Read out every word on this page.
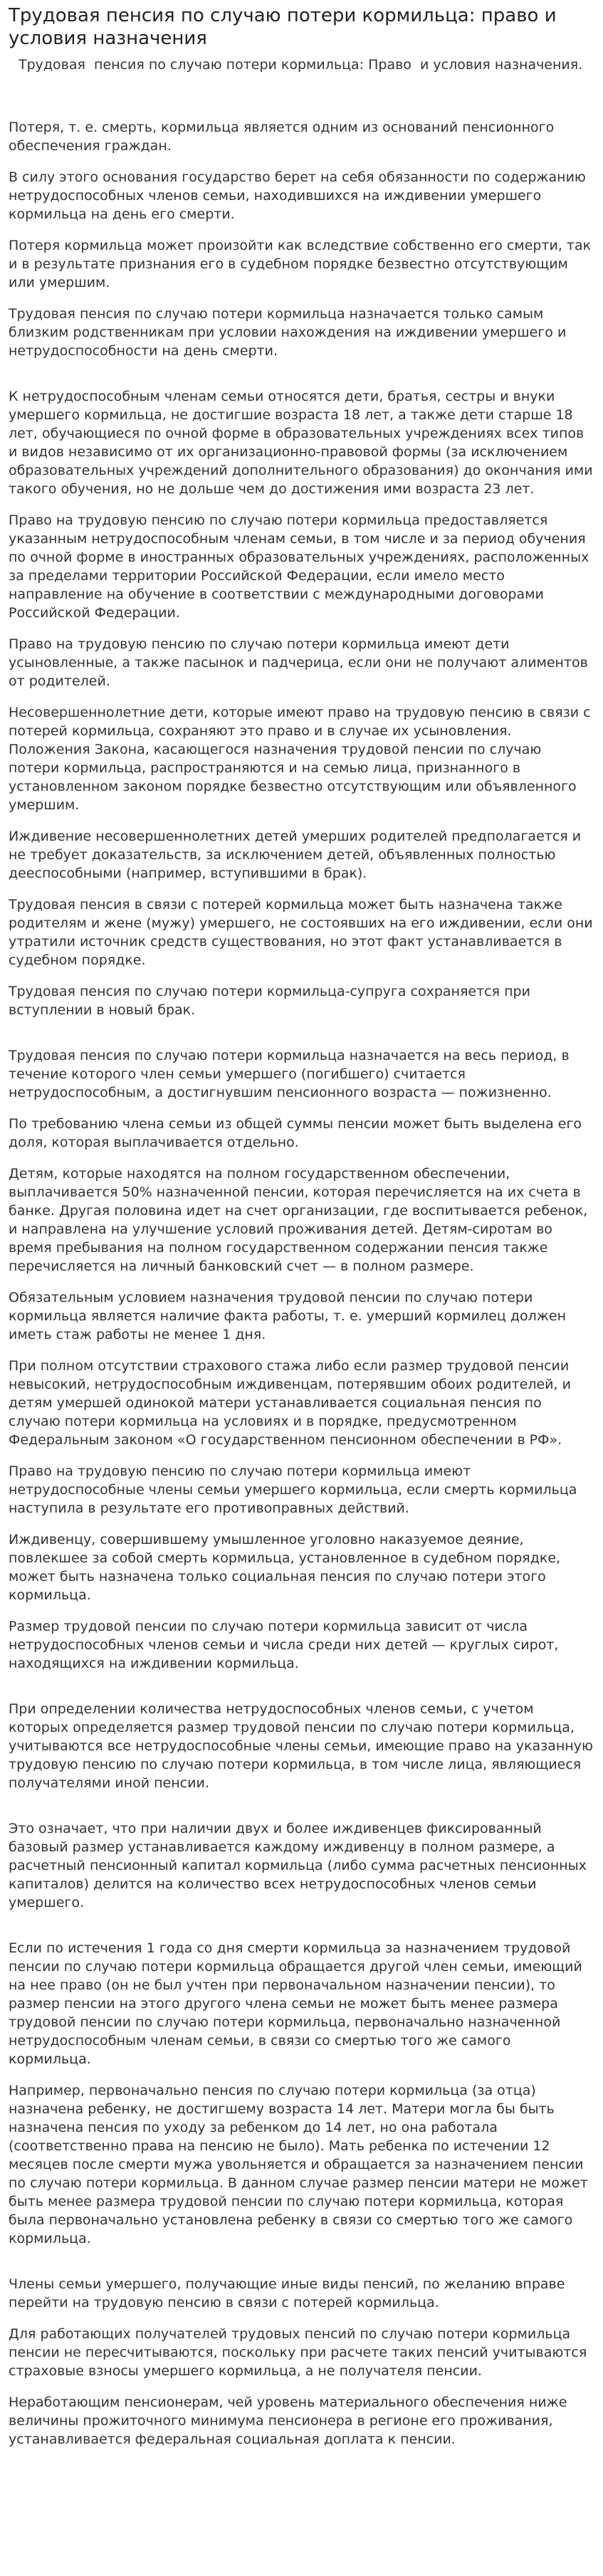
Трудовая пенсия по случаю потери кормильца: право и условия назначения
Трудовая  пенсия по случаю потери кормильца: Право  и условия назначения.

Потеря, т. е. смерть, кормильца является одним из оснований пенсионного обеспечения граждан.

В силу этого основания государство берет на себя обязанности по содержанию нетрудоспособных членов семьи, находившихся на иждивении умершего кормильца на день его смерти.

Потеря кормильца может произойти как вследствие собственно его смерти, так и в результате признания его в судебном порядке безвестно отсутствующим или умершим.

Трудовая пенсия по случаю потери кормильца назначается только самым близким родственникам при условии нахождения на иждивении умершего и нетрудоспособности на день смерти.

К нетрудоспособным членам семьи относятся дети, братья, сестры и внуки умершего кормильца, не достигшие возраста 18 лет, а также дети старше 18 лет, обучающиеся по очной форме в образовательных учреждениях всех типов и видов независимо от их организационно-правовой формы (за исключением образовательных учреждений дополнительного образования) до окончания ими такого обучения, но не дольше чем до достижения ими возраста 23 лет.

Право на трудовую пенсию по случаю потери кормильца предоставляется указанным нетрудоспособным членам семьи, в том числе и за период обучения по очной форме в иностранных образовательных учреждениях, расположенных за пределами территории Российской Федерации, если имело место направление на обучение в соответствии с международными договорами Российской Федерации.

Право на трудовую пенсию по случаю потери кормильца имеют дети усыновленные, а также пасынок и падчерица, если они не получают алиментов от родителей.

Несовершеннолетние дети, которые имеют право на трудовую пенсию в связи с потерей кормильца, сохраняют это право и в случае их усыновления. Положения Закона, касающегося назначения трудовой пенсии по случаю потери кормильца, распространяются и на семью лица, признанного в установленном законом порядке безвестно отсутствующим или объявленного умершим.

Иждивение несовершеннолетних детей умерших родителей предполагается и не требует доказательств, за исключением детей, объявленных полностью дееспособными (например, вступившими в брак).

Трудовая пенсия в связи с потерей кормильца может быть назначена также родителям и жене (мужу) умершего, не состоявших на его иждивении, если они утратили источник средств существования, но этот факт устанавливается в судебном порядке.

Трудовая пенсия по случаю потери кормильца-супруга сохраняется при вступлении в новый брак.

Трудовая пенсия по случаю потери кормильца назначается на весь период, в течение которого член семьи умершего (погибшего) считается нетрудоспособным, а достигнувшим пенсионного возраста — пожизненно.

По требованию члена семьи из общей суммы пенсии может быть выделена его доля, которая выплачивается отдельно.

Детям, которые находятся на полном государственном обеспечении, выплачивается 50% назначенной пенсии, которая перечисляется на их счета в банке. Другая половина идет на счет организации, где воспитывается ребенок, и направлена на улучшение условий проживания детей. Детям-сиротам во время пребывания на полном государственном содержании пенсия также перечисляется на личный банковский счет — в полном размере.

Обязательным условием назначения трудовой пенсии по случаю потери кормильца является наличие факта работы, т. е. умерший кормилец должен иметь стаж работы не менее 1 дня.

При полном отсутствии страхового стажа либо если размер трудовой пенсии невысокий, нетрудоспособным иждивенцам, потерявшим обоих родителей, и детям умершей одинокой матери устанавливается социальная пенсия по случаю потери кормильца на условиях и в порядке, предусмотренном Федеральным законом «О государственном пенсионном обеспечении в РФ».

Право на трудовую пенсию по случаю потери кормильца имеют нетрудоспособные члены семьи умершего кормильца, если смерть кормильца наступила в результате его противоправных действий.

Иждивенцу, совершившему умышленное уголовно наказуемое деяние, повлекшее за собой смерть кормильца, установленное в судебном порядке, может быть назначена только социальная пенсия по случаю потери этого кормильца.

Размер трудовой пенсии по случаю потери кормильца зависит от числа нетрудоспособных членов семьи и числа среди них детей — круглых сирот, находящихся на иждивении кормильца.

При определении количества нетрудоспособных членов семьи, с учетом которых определяется размер трудовой пенсии по случаю потери кормильца, учитываются все нетрудоспособные члены семьи, имеющие право на указанную трудовую пенсию по случаю потери кормильца, в том числе лица, являющиеся получателями иной пенсии.

Это означает, что при наличии двух и более иждивенцев фиксированный базовый размер устанавливается каждому иждивенцу в полном размере, а расчетный пенсионный капитал кормильца (либо сумма расчетных пенсионных капиталов) делится на количество всех нетрудоспособных членов семьи умершего.

Если по истечения 1 года со дня смерти кормильца за назначением трудовой пенсии по случаю потери кормильца обращается другой член семьи, имеющий на нее право (он не был учтен при первоначальном назначении пенсии), то размер пенсии на этого другого члена семьи не может быть менее размера трудовой пенсии по случаю потери кормильца, первоначально назначенной нетрудоспособным членам семьи, в связи со смертью того же самого кормильца.

Например, первоначально пенсия по случаю потери кормильца (за отца) назначена ребенку, не достигшему возраста 14 лет. Матери могла бы быть назначена пенсия по уходу за ребенком до 14 лет, но она работала (соответственно права на пенсию не было). Мать ребенка по истечении 12 месяцев после смерти мужа увольняется и обращается за назначением пенсии по случаю потери кормильца. В данном случае размер пенсии матери не может быть менее размера трудовой пенсии по случаю потери кормильца, которая была первоначально установлена ребенку в связи со смертью того же самого кормильца.

Члены семьи умершего, получающие иные виды пенсий, по желанию вправе перейти на трудовую пенсию в связи с потерей кормильца.

Для работающих получателей трудовых пенсий по случаю потери кормильца пенсии не пересчитываются, поскольку при расчете таких пенсий учитываются страховые взносы умершего кормильца, а не получателя пенсии.

Неработающим пенсионерам, чей уровень материального обеспечения ниже величины прожиточного минимума пенсионера в регионе его проживания, устанавливается федеральная социальная доплата к пенсии.
